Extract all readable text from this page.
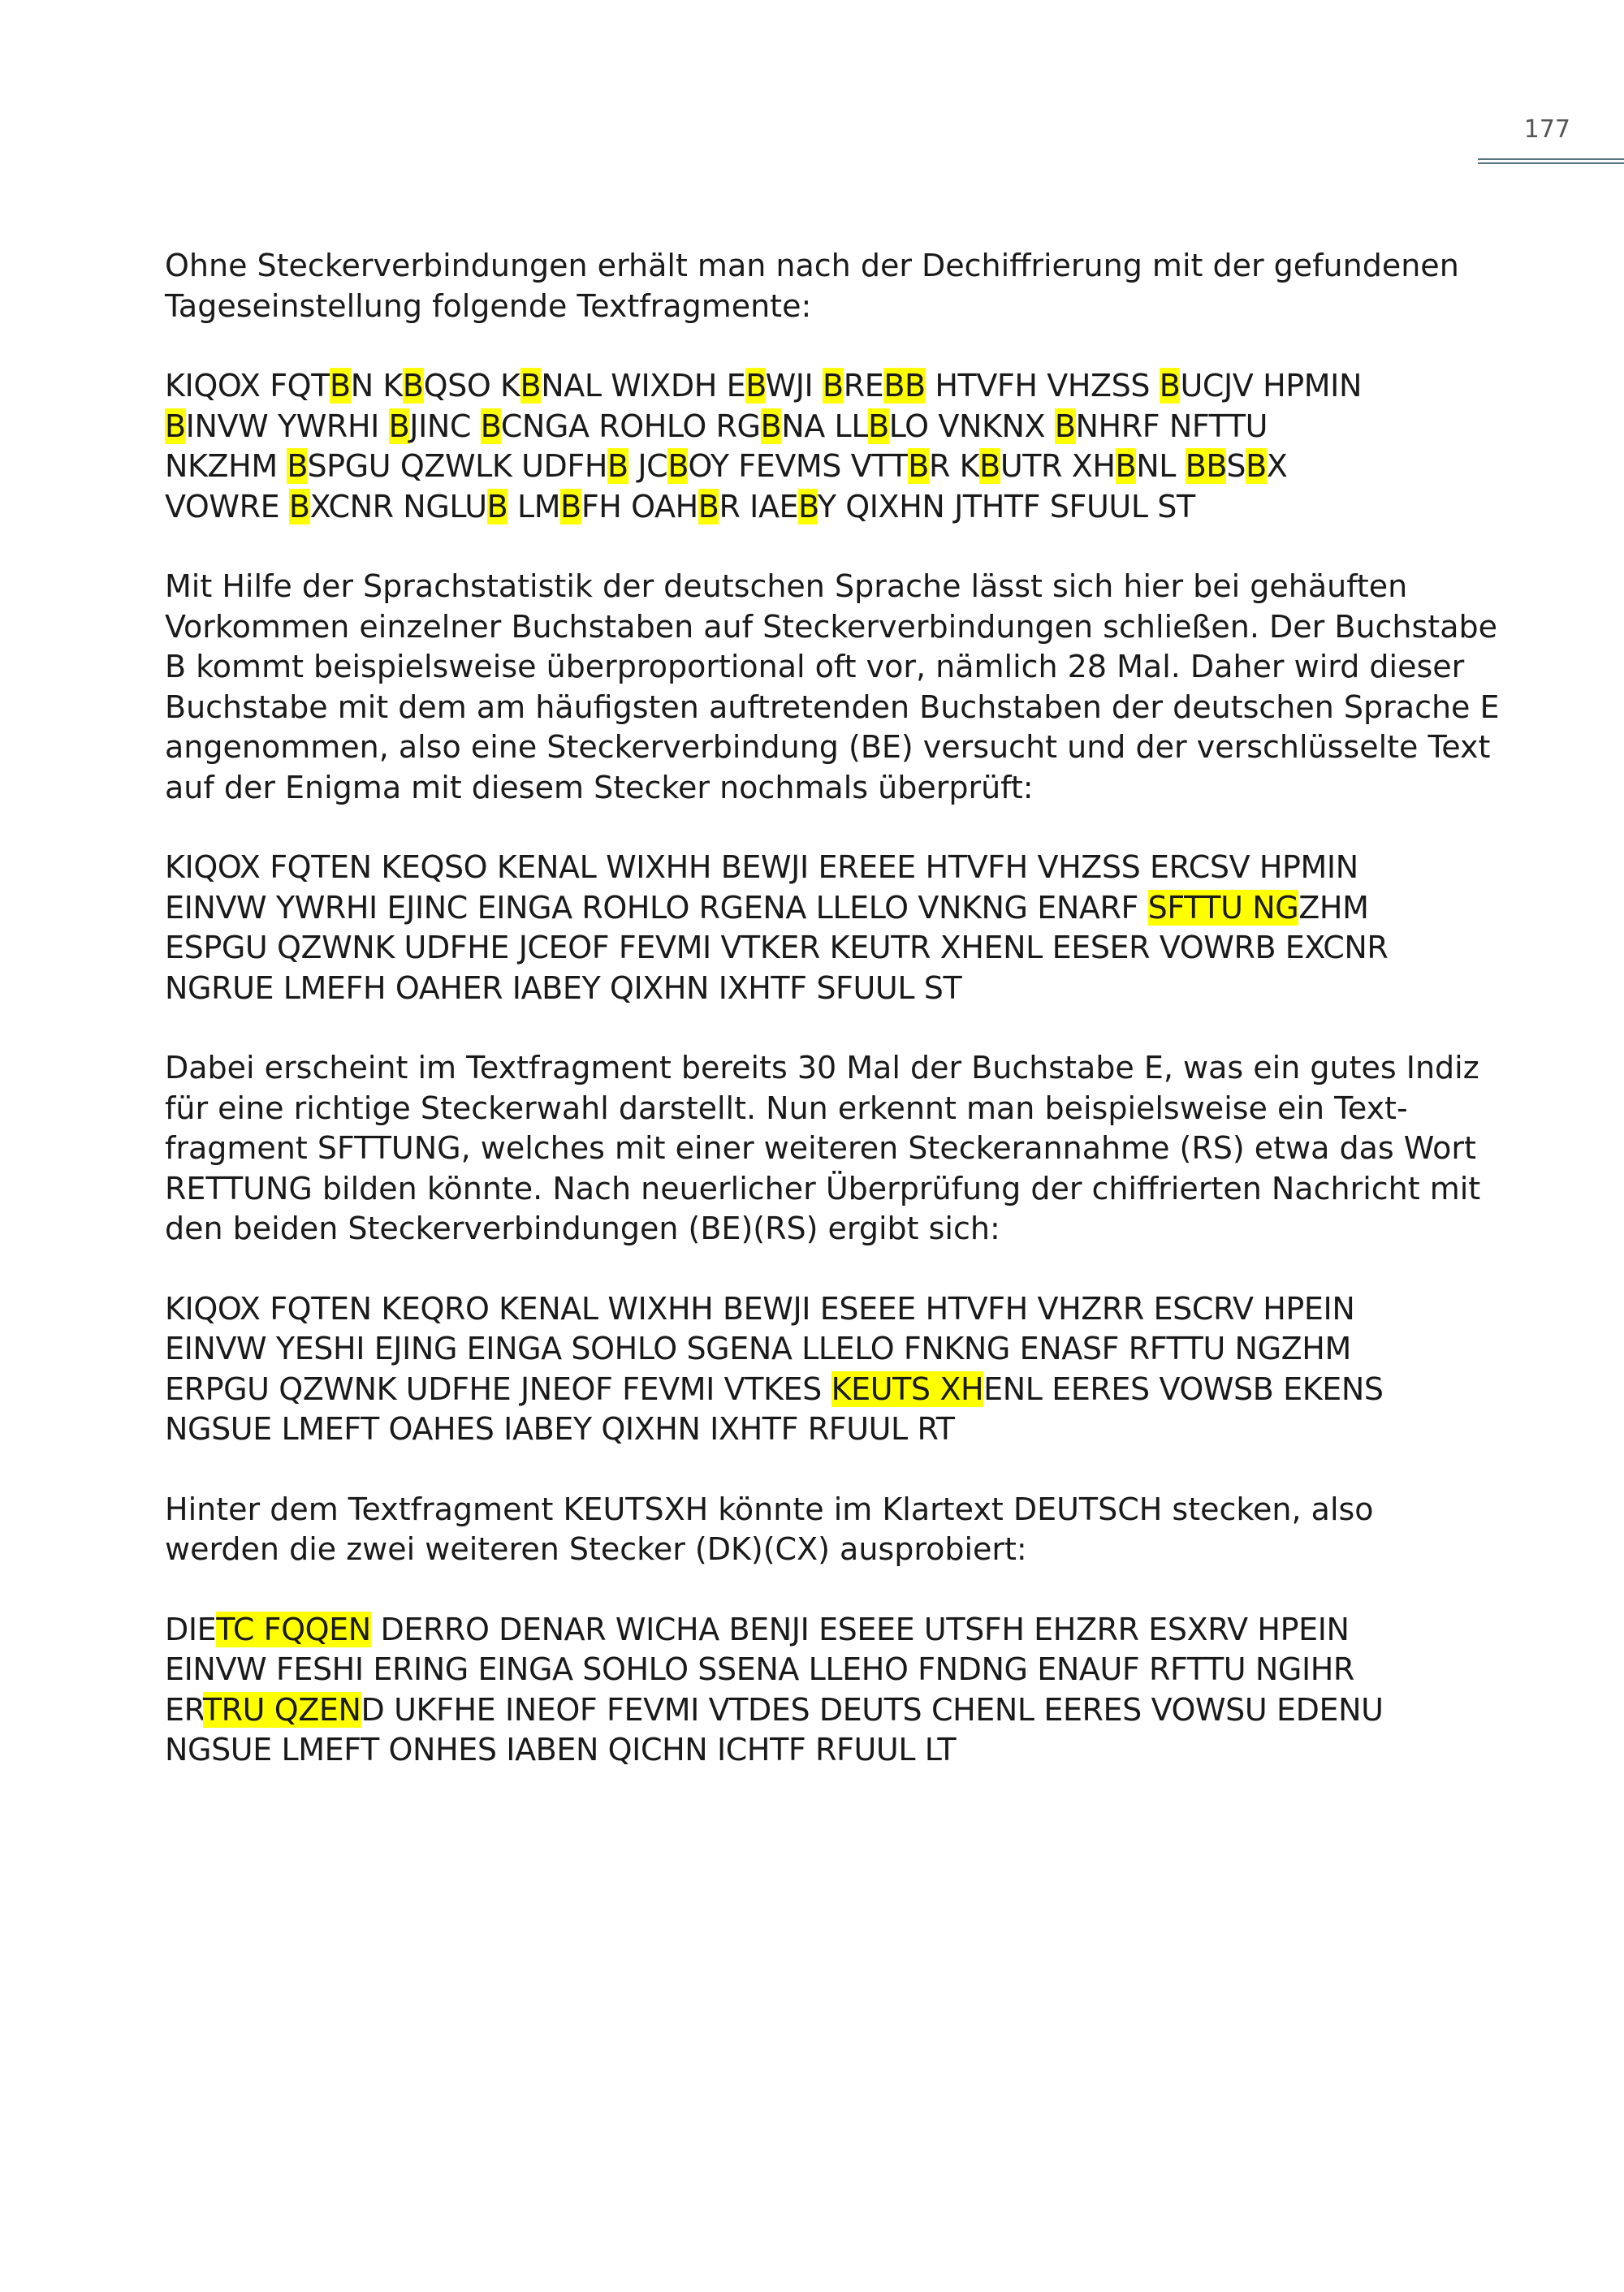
177

Ohne Steckerverbindungen erhält man nach der Dechiffrierung mit der gefundenen
Tageseinstellung folgende Textfragmente:

KIQOX FQTBN KBQSO KBNAL WIXDH EBWJI BREBB HTVFH VHZSS BUCJV HPMIN
BINVW YWRHI BJINC BCNGA ROHLO RGBNA LLBLO VNKNX BNHRF NFTTU
NKZHM BSPGU QZWLK UDFHB JCBOY FEVMS VTTBR KBUTR XHBNL BBSBX
VOWRE BXCNR NGLUB LMBFH OAHBR IAEBY QIXHN JTHTF SFUUL ST

Mit Hilfe der Sprachstatistik der deutschen Sprache lässt sich hier bei gehäuften
Vorkommen einzelner Buchstaben auf Steckerverbindungen schließen. Der Buchstabe
B kommt beispielsweise überproportional oft vor, nämlich 28 Mal. Daher wird dieser
Buchstabe mit dem am häufigsten auftretenden Buchstaben der deutschen Sprache E
angenommen, also eine Steckerverbindung (BE) versucht und der verschlüsselte Text
auf der Enigma mit diesem Stecker nochmals überprüft:

KIQOX FQTEN KEQSO KENAL WIXHH BEWJI EREEE HTVFH VHZSS ERCSV HPMIN
EINVW YWRHI EJINC EINGA ROHLO RGENA LLELO VNKNG ENARF SFTTU NGZHM
ESPGU QZWNK UDFHE JCEOF FEVMI VTKER KEUTR XHENL EESER VOWRB EXCNR
NGRUE LMEFH OAHER IABEY QIXHN IXHTF SFUUL ST

Dabei erscheint im Textfragment bereits 30 Mal der Buchstabe E, was ein gutes Indiz
für eine richtige Steckerwahl darstellt. Nun erkennt man beispielsweise ein Text-
fragment SFTTUNG, welches mit einer weiteren Steckerannahme (RS) etwa das Wort
RETTUNG bilden könnte. Nach neuerlicher Überprüfung der chiffrierten Nachricht mit
den beiden Steckerverbindungen (BE)(RS) ergibt sich:

KIQOX FQTEN KEQRO KENAL WIXHH BEWJI ESEEE HTVFH VHZRR ESCRV HPEIN
EINVW YESHI EJING EINGA SOHLO SGENA LLELO FNKNG ENASF RFTTU NGZHM
ERPGU QZWNK UDFHE JNEOF FEVMI VTKES KEUTS XHENL EERES VOWSB EKENS
NGSUE LMEFT OAHES IABEY QIXHN IXHTF RFUUL RT

Hinter dem Textfragment KEUTSXH könnte im Klartext DEUTSCH stecken, also
werden die zwei weiteren Stecker (DK)(CX) ausprobiert:

DIETC FQQEN DERRO DENAR WICHA BENJI ESEEE UTSFH EHZRR ESXRV HPEIN
EINVW FESHI ERING EINGA SOHLO SSENA LLEHO FNDNG ENAUF RFTTU NGIHR
ERTRU QZEND UKFHE INEOF FEVMI VTDES DEUTS CHENL EERES VOWSU EDENU
NGSUE LMEFT ONHES IABEN QICHN ICHTF RFUUL LT
